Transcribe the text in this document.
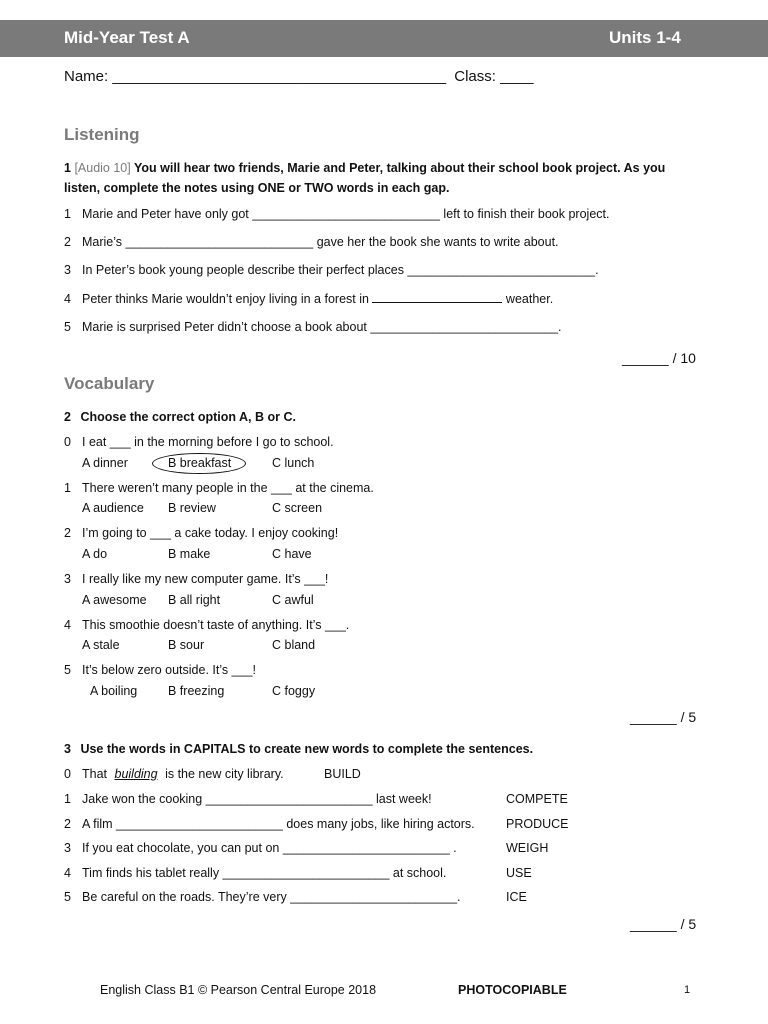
Mid-Year Test A	Units 1-4
Name: ________________________________________ Class: ____
Listening
1 [Audio 10] You will hear two friends, Marie and Peter, talking about their school book project. As you
listen, complete the notes using ONE or TWO words in each gap.
1 Marie and Peter have only got ___________________________ left to finish their book project.
2 Marie’s ___________________________ gave her the book she wants to write about.
3 In Peter’s book young people describe their perfect places ___________________________.
4 Peter thinks Marie wouldn’t enjoy living in a forest in	weather.
5 Marie is surprised Peter didn’t choose a book about ___________________________.
______ / 10
Vocabulary
2 Choose the correct option A, B or C.
0 I eat ___ in the morning before I go to school.
A dinner	B breakfast	C lunch
1 There weren’t many people in the ___ at the cinema.
A audience B review	C screen
2 I’m going to ___ a cake today. I enjoy cooking!
A do	B make	C have
3 I really like my new computer game. It’s ___!
A awesome B all right	C awful
4 This smoothie doesn’t taste of anything. It’s ___.
A stale	B sour	C bland
5 It’s below zero outside. It’s ___!
A boiling B freezing	C foggy
______ / 5
3 Use the words in CAPITALS to create new words to complete the sentences.
0 That building is the new city library.	BUILD
1 Jake won the cooking ________________________ last week!	COMPETE
2 A film ________________________ does many jobs, like hiring actors.	PRODUCE
3 If you eat chocolate, you can put on ________________________ .	WEIGH
4 Tim finds his tablet really ________________________ at school.	USE
5 Be careful on the roads. They’re very ________________________.	ICE
______ / 5
English Class B1 © Pearson Central Europe 2018	PHOTOCOPIABLE	1
